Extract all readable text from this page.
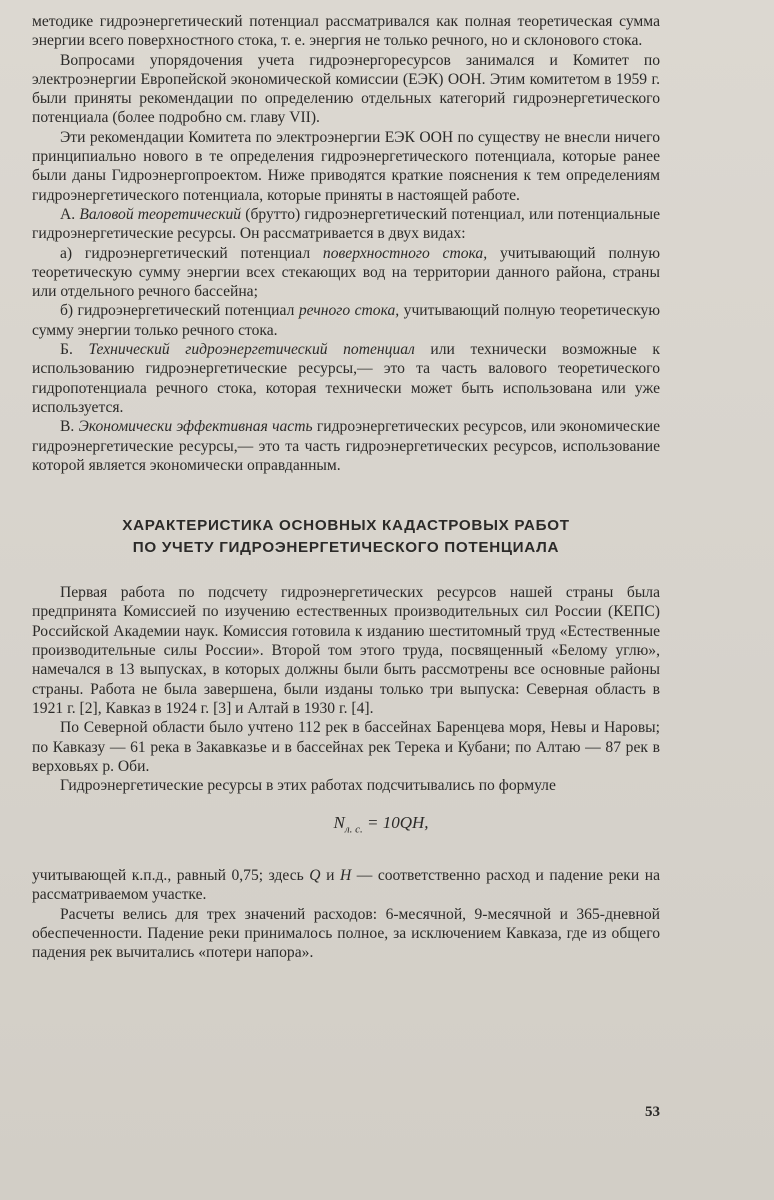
методике гидроэнергетический потенциал рассматривался как полная теоретическая сумма энергии всего поверхностного стока, т. е. энергия не только речного, но и склонового стока.

Вопросами упорядочения учета гидроэнергоресурсов занимался и Комитет по электроэнергии Европейской экономической комиссии (ЕЭК) ООН. Этим комитетом в 1959 г. были приняты рекомендации по определению отдельных категорий гидроэнергетического потенциала (более подробно см. главу VII).

Эти рекомендации Комитета по электроэнергии ЕЭК ООН по существу не внесли ничего принципиально нового в те определения гидроэнергетического потенциала, которые ранее были даны Гидроэнергопроектом. Ниже приводятся краткие пояснения к тем определениям гидроэнергетического потенциала, которые приняты в настоящей работе.

А. Валовой теоретический (брутто) гидроэнергетический потенциал, или потенциальные гидроэнергетические ресурсы. Он рассматривается в двух видах:

а) гидроэнергетический потенциал поверхностного стока, учитывающий полную теоретическую сумму энергии всех стекающих вод на территории данного района, страны или отдельного речного бассейна;

б) гидроэнергетический потенциал речного стока, учитывающий полную теоретическую сумму энергии только речного стока.

Б. Технический гидроэнергетический потенциал или технически возможные к использованию гидроэнергетические ресурсы,— это та часть валового теоретического гидропотенциала речного стока, которая технически может быть использована или уже используется.

В. Экономически эффективная часть гидроэнергетических ресурсов, или экономические гидроэнергетические ресурсы,— это та часть гидроэнергетических ресурсов, использование которой является экономически оправданным.

ХАРАКТЕРИСТИКА ОСНОВНЫХ КАДАСТРОВЫХ РАБОТ
ПО УЧЕТУ ГИДРОЭНЕРГЕТИЧЕСКОГО ПОТЕНЦИАЛА

Первая работа по подсчету гидроэнергетических ресурсов нашей страны была предпринята Комиссией по изучению естественных производительных сил России (КЕПС) Российской Академии наук. Комиссия готовила к изданию шеститомный труд «Естественные производительные силы России». Второй том этого труда, посвященный «Белому углю», намечался в 13 выпусках, в которых должны были быть рассмотрены все основные районы страны. Работа не была завершена, были изданы только три выпуска: Северная область в 1921 г. [2], Кавказ в 1924 г. [3] и Алтай в 1930 г. [4].

По Северной области было учтено 112 рек в бассейнах Баренцева моря, Невы и Наровы; по Кавказу — 61 река в Закавказье и в бассейнах рек Терека и Кубани; по Алтаю — 87 рек в верховьях р. Оби.

Гидроэнергетические ресурсы в этих работах подсчитывались по формуле

$N_{л. с.} = 10QH$,

учитывающей к.п.д., равный 0,75; здесь Q и H — соответственно расход и падение реки на рассматриваемом участке.

Расчеты велись для трех значений расходов: 6-месячной, 9-месячной и 365-дневной обеспеченности. Падение реки принималось полное, за исключением Кавказа, где из общего падения рек вычитались «потери напора».

53
